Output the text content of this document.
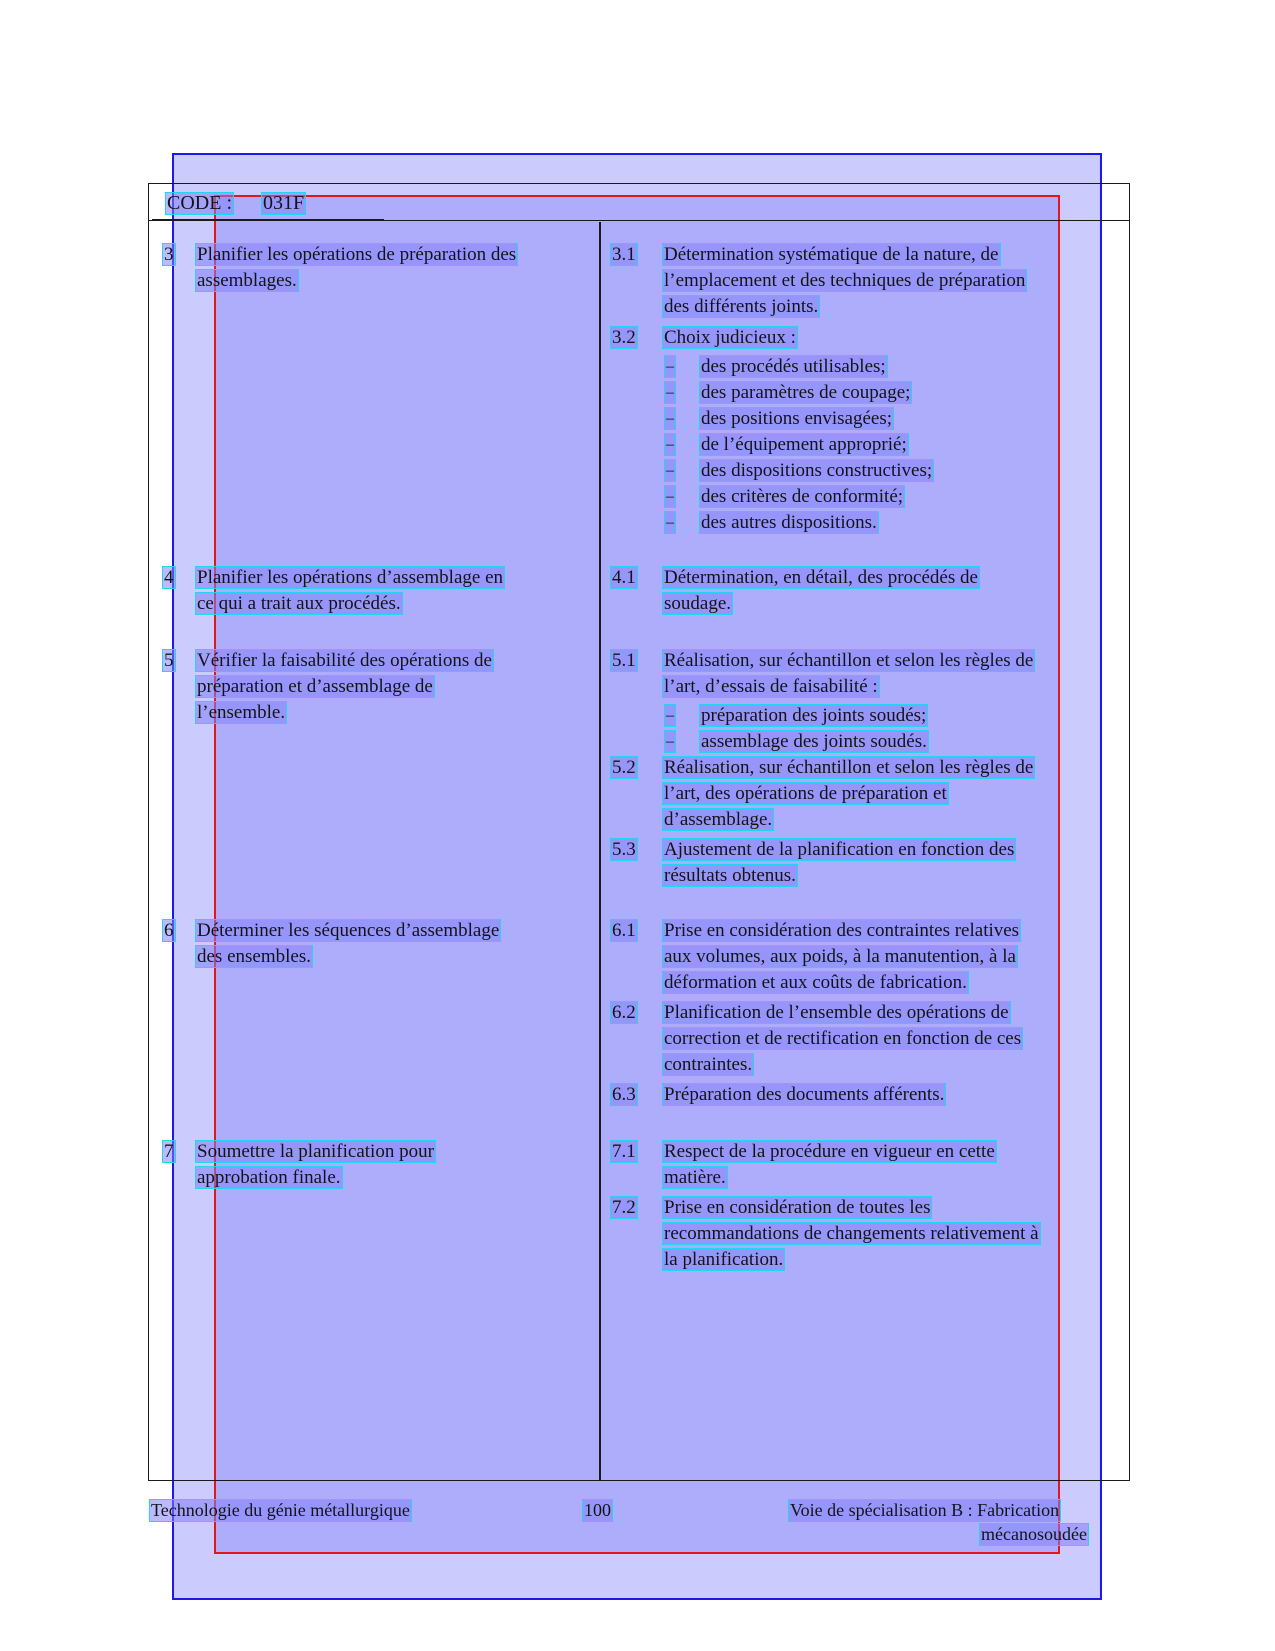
CODE : 031F
3 Planifier les opérations de préparation des
assemblages.
3.1 Détermination systématique de la nature, de
l’emplacement et des techniques de préparation
des différents joints.
3.2 Choix judicieux :
– des procédés utilisables;
– des paramètres de coupage;
– des positions envisagées;
– de l’équipement approprié;
– des dispositions constructives;
– des critères de conformité;
– des autres dispositions.
4 Planifier les opérations d’assemblage en
ce qui a trait aux procédés.
4.1 Détermination, en détail, des procédés de
soudage.
5 Vérifier la faisabilité des opérations de
préparation et d’assemblage de
l’ensemble.
5.1 Réalisation, sur échantillon et selon les règles de
l’art, d’essais de faisabilité :
– préparation des joints soudés;
– assemblage des joints soudés.
5.2 Réalisation, sur échantillon et selon les règles de
l’art, des opérations de préparation et
d’assemblage.
5.3 Ajustement de la planification en fonction des
résultats obtenus.
6 Déterminer les séquences d’assemblage
des ensembles.
6.1 Prise en considération des contraintes relatives
aux volumes, aux poids, à la manutention, à la
déformation et aux coûts de fabrication.
6.2 Planification de l’ensemble des opérations de
correction et de rectification en fonction de ces
contraintes.
6.3 Préparation des documents afférents.
7 Soumettre la planification pour
approbation finale.
7.1 Respect de la procédure en vigueur en cette
matière.
7.2 Prise en considération de toutes les
recommandations de changements relativement à
la planification.
Technologie du génie métallurgique	100	Voie de spécialisation B : Fabrication
mécanosoudée
